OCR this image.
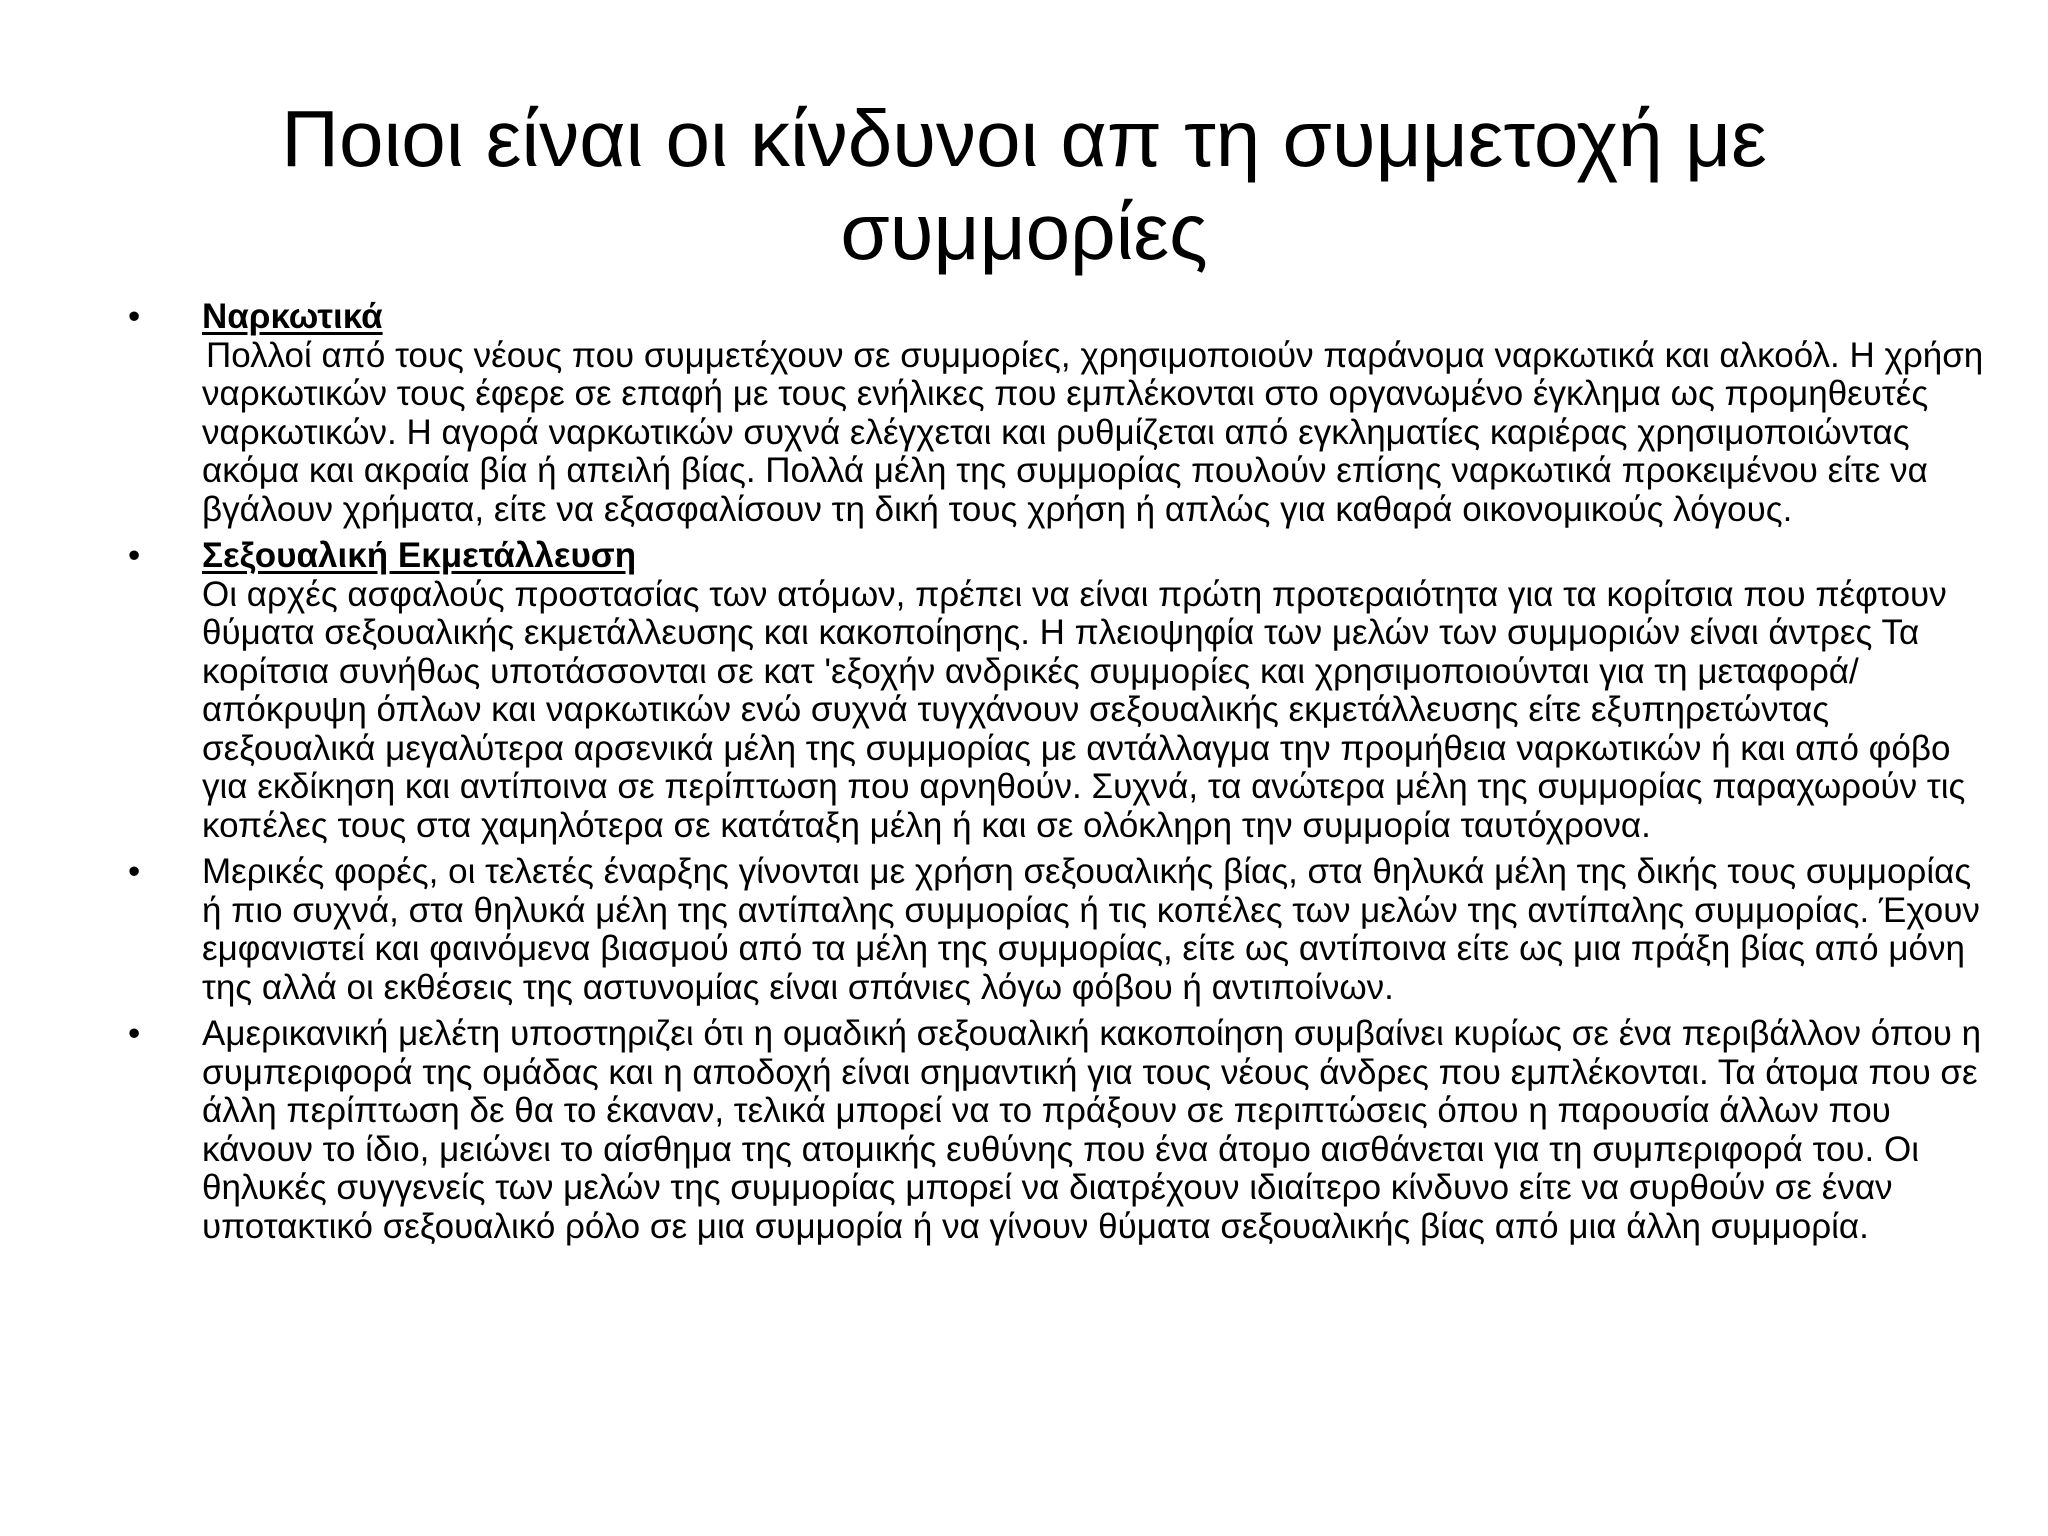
Ποιοι είναι οι κίνδυνοι απ τη συμμετοχή με
συμμορίες
•	Ναρκωτικά
Πολλοί από τους νέους που συμμετέχουν σε συμμορίες, χρησιμοποιούν παράνομα ναρκωτικά και αλκοόλ. Η χρήση ναρκωτικών τους έφερε σε επαφή με τους ενήλικες που εμπλέκονται στο οργανωμένο έγκλημα ως προμηθευτές ναρκωτικών. Η αγορά ναρκωτικών συχνά ελέγχεται και ρυθμίζεται από εγκληματίες καριέρας χρησιμοποιώντας ακόμα και ακραία βία ή απειλή βίας. Πολλά μέλη της συμμορίας πουλούν επίσης ναρκωτικά προκειμένου είτε να βγάλουν χρήματα, είτε να εξασφαλίσουν τη δική τους χρήση ή απλώς για καθαρά οικονομικούς λόγους.
•	Σεξουαλική Εκμετάλλευση
Οι αρχές ασφαλούς προστασίας των ατόμων, πρέπει να είναι πρώτη προτεραιότητα για τα κορίτσια που πέφτουν θύματα σεξουαλικής εκμετάλλευσης και κακοποίησης. Η πλειοψηφία των μελών των συμμοριών είναι άντρες Τα κορίτσια συνήθως υποτάσσονται σε κατ 'εξοχήν ανδρικές συμμορίες και χρησιμοποιούνται για τη μεταφορά/απόκρυψη όπλων και ναρκωτικών ενώ συχνά τυγχάνουν σεξουαλικής εκμετάλλευσης είτε εξυπηρετώντας σεξουαλικά μεγαλύτερα αρσενικά μέλη της συμμορίας με αντάλλαγμα την προμήθεια ναρκωτικών ή και από φόβο για εκδίκηση και αντίποινα σε περίπτωση που αρνηθούν. Συχνά, τα ανώτερα μέλη της συμμορίας παραχωρούν τις κοπέλες τους στα χαμηλότερα σε κατάταξη μέλη ή και σε ολόκληρη την συμμορία ταυτόχρονα.
•	Μερικές φορές, οι τελετές έναρξης γίνονται με χρήση σεξουαλικής βίας, στα θηλυκά μέλη της δικής τους συμμορίας ή πιο συχνά, στα θηλυκά μέλη της αντίπαλης συμμορίας ή τις κοπέλες των μελών της αντίπαλης συμμορίας. Έχουν εμφανιστεί και φαινόμενα βιασμού από τα μέλη της συμμορίας, είτε ως αντίποινα είτε ως μια πράξη βίας από μόνη της αλλά οι εκθέσεις της αστυνομίας είναι σπάνιες λόγω φόβου ή αντιποίνων.
•	Αμερικανική μελέτη υποστηριζει ότι η ομαδική σεξουαλική κακοποίηση συμβαίνει κυρίως σε ένα περιβάλλον όπου η συμπεριφορά της ομάδας και η αποδοχή είναι σημαντική για τους νέους άνδρες που εμπλέκονται. Τα άτομα που σε άλλη περίπτωση δε θα το έκαναν, τελικά μπορεί να το πράξουν σε περιπτώσεις όπου η παρουσία άλλων που κάνουν το ίδιο, μειώνει το αίσθημα της ατομικής ευθύνης που ένα άτομο αισθάνεται για τη συμπεριφορά του. Οι θηλυκές συγγενείς των μελών της συμμορίας μπορεί να διατρέχουν ιδιαίτερο κίνδυνο είτε να συρθούν σε έναν υποτακτικό σεξουαλικό ρόλο σε μια συμμορία ή να γίνουν θύματα σεξουαλικής βίας από μια άλλη συμμορία.
